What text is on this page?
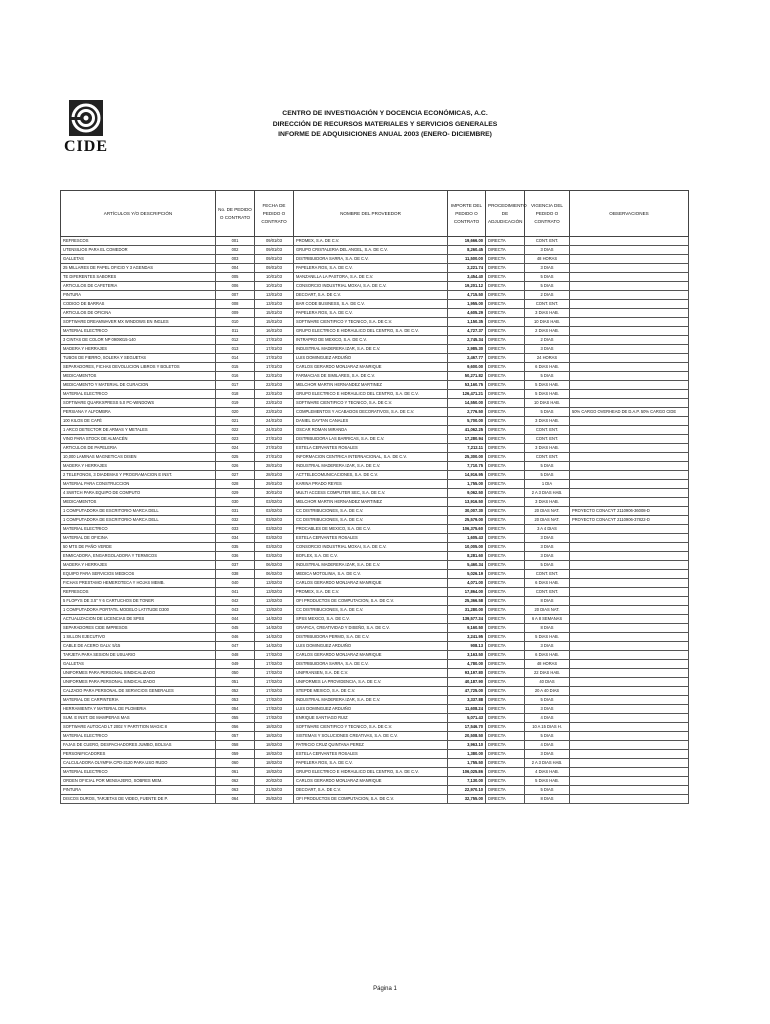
CIDE
CENTRO DE INVESTIGACIÓN Y DOCENCIA ECONÓMICAS, A.C.
DIRECCIÓN DE RECURSOS MATERIALES Y SERVICIOS GENERALES
INFORME DE ADQUISICIONES ANUAL 2003 (ENERO- DICIEMBRE)
ARTÍCULOS Y/O DESCRIPCIÓN	No. DE PEDIDO O CONTRATO	FECHA DE PEDIDO O CONTRATO	NOMBRE DEL PROVEEDOR	IMPORTE DEL PEDIDO O CONTRATO	PROCEDIMIENTO DE ADJUDICACIÓN	VIGENCIA DEL PEDIDO O CONTRATO	OBSERVACIONES
REFRESCOS	001	09/01/03	PROMEX, S.A. DE C.V.	19,666.00	DIRECTA	CONT. ENT.	
UTENSILIOS PARA EL COMEDOR	002	09/01/03	GRUPO CRISTALERIA DEL ANGEL, S.A. DE C.V.	8,260.45	DIRECTA	3 DIAS	
GALLETAS	003	09/01/03	DISTRIBUIDORA SARRA, S.A. DE C.V.	11,500.00	DIRECTA	48 HORAS	
25 MILLARES DE PAPEL OFICIO Y 3 AGENDAS	004	09/01/03	PAPELERA ROS, S.A. DE C.V.	2,221.74	DIRECTA	3 DIAS	
TE DIFERENTES SABORES	005	10/01/03	MANZANILLA LA PASTORA, S.A. DE C.V.	3,454.40	DIRECTA	5 DIAS	
ARTICULOS DE CAFETERIA	006	10/01/03	CONSORCIO INDUSTRIAL MOXAI, S.A. DE C.V.	19,201.12	DIRECTA	5 DIAS	
PINTURA	007	13/01/03	DECOART, S.A. DE C.V.	4,715.50	DIRECTA	2 DIAS	
CODIGO DE BARRAS	008	13/01/03	BAR CODE BUSINESS, S.A. DE C.V.	1,955.00	DIRECTA	CONT. ENT.	
ARTICULOS DE OFICINA	009	15/01/03	PAPELERA ROS, S.A. DE C.V.	4,605.29	DIRECTA	3 DIAS HAB.	
SOFTWARE DREAMWAVER MX WINDOWS EN INGLES	010	15/01/03	SOFTWARE CIENTIFICO Y TECNICO, S.A. DE C.V.	1,150.35	DIRECTA	10 DIAS HAB.	
MATERIAL ELECTRICO	011	16/01/03	GRUPO ELECTRICO E HIDRAULICO DEL CENTRO, S.A. DE C.V.	4,727.37	DIRECTA	2 DIAS HAB.	
3 CINTAS DE COLOR NP 0909015-140	012	17/01/03	INTRAPRO DE MEXICO, S.A. DE C.V.	2,745.34	DIRECTA	2 DIAS	
MADERA Y HERRAJES	013	17/01/03	INDUSTRIAL MADERERA IZAR, S.A. DE C.V.	2,985.30	DIRECTA	3 DIAS	
TUBOS DE FIERRO, SOLERA Y SEGUETAS	014	17/01/03	LUIS DOMINGUEZ ARDUIÑO	2,467.77	DIRECTA	24 HORAS	
SEPARADORES, FICHAS DEVOLUCION LIBROS Y BOLETOS	015	17/01/03	CARLOS GERARDO MONJARAZ MANRIQUE	9,600.00	DIRECTA	6 DIAS HAB.	
MEDICAMENTOS	016	22/01/03	FARMACIAS DE SIMILARES, S.A. DE C.V.	50,271.82	DIRECTA	5 DIAS	
MEDICAMENTO Y MATERIAL DE CURACION	017	22/01/03	MELCHOR MARTIN HERNANDEZ MARTINEZ	53,160.75	DIRECTA	5 DIAS HAB.	
MATERIAL ELECTRICO	018	22/01/03	GRUPO ELECTRICO E HIDRAULICO DEL CENTRO, S.A. DE C.V.	126,471.21	DIRECTA	5 DIAS HAB.	
SOFTWARE QUARKXPRESS 5.0 PC-WINDOWS	019	23/01/03	SOFTWARE CIENTIFICO Y TECNICO, S.A. DE C.V.	14,550.00	DIRECTA	10 DIAS HAB.	
PERSIANA Y ALFOMBRA	020	23/01/03	COMPLEMENTOS Y ACABADOS DECORATIVOS, S.A. DE C.V.	2,776.50	DIRECTA	5 DIAS	50% CARGO OVERHEAD DE D.A.P. 50% CARGO CIDE
100 KILOS DE CAFÉ	021	24/01/03	DANIEL GAYTAN CANALES	5,700.00	DIRECTA	3 DIAS HAB.	
1 ARCO DETECTOR DE ARMAS Y METALES	022	24/01/03	OSCAR ROMAN MIRANDA	41,062.25	DIRECTA	CONT. ENT.	
VINO PARA STOCK DE ALMACÉN	023	27/01/03	DISTRIBUIDORA LAS BARRICAS, S.A. DE C.V.	17,280.94	DIRECTA	CONT. ENT.	
ARTICULOS DE PAPELERIA	024	27/01/03	ESTELA CERVANTES ROSALES	7,212.11	DIRECTA	3 DIAS HAB.	
10,000 LAMINAS MAGNETICAS DISEN	025	27/01/03	INFORMACION CENTRICA INTERNACIONAL, S.A. DE C.V.	25,300.00	DIRECTA	CONT. ENT.	
MADERA Y HERRAJES	026	28/01/03	INDUSTRIAL MADERERA IZAR, S.A. DE C.V.	7,710.75	DIRECTA	5 DIAS	
2 TELEFONOS, 3 DIADEMAS Y PROGRAMACION E INST.	027	28/01/03	ACTTELECOMUNICACIONES, S.A. DE C.V.	14,916.95	DIRECTA	5 DIAS	
MATERIAL PARA CONSTRUCCION	028	29/01/03	KARINA PRADO REYES	1,755.00	DIRECTA	1 DIA	
4 SWITCH PARA EQUIPO DE COMPUTO	029	30/01/03	MULTI ACCESS COMPUTER SEC, S.A. DE C.V.	9,062.50	DIRECTA	2 A 3 DIAS HAB.	
MEDICAMENTOS	030	03/02/03	MELCHOR MARTIN HERNANDEZ MARTINEZ	13,916.50	DIRECTA	3 DIAS HAB.	
1 COMPUTADORA DE ESCRITORIO MARCA DELL	031	03/02/03	CC DISTRIBUCIONES, S.A. DE C.V.	30,007.30	DIRECTA	20 DIAS NAT.	PROYECTO CONACYT 2110906-36008-D
1 COMPUTADORA DE ESCRITORIO MARCA DELL	032	03/02/03	CC DISTRIBUCIONES, S.A. DE C.V.	25,579.00	DIRECTA	20 DIAS NAT.	PROYECTO CONACYT 2110906-37822-D
MATERIAL ELECTRICO	033	03/02/03	PROCABLES DE MEXICO, S.A. DE C.V.	106,375.60	DIRECTA	3 A 4 DIAS	
MATERIAL DE OFICINA	034	03/02/03	ESTELA CERVANTES ROSALES	1,605.43	DIRECTA	3 DIAS	
50 MTS DE PAÑO VERDE	035	03/02/03	CONSORCIO INDUSTRIAL MOXAI, S.A. DE C.V.	10,005.00	DIRECTA	3 DIAS	
ENMICADORA, ENGARGOLADORA Y TERMICOS	036	03/02/03	BOFLEX, S.A. DE C.V.	8,281.60	DIRECTA	3 DIAS	
MADERA Y HERRAJES	037	06/02/03	INDUSTRIAL MADERERA IZAR, S.A. DE C.V.	5,460.34	DIRECTA	5 DIAS	
EQUIPO PARA SERVICIOS MEDICOS	038	06/02/03	MEDICA MOTOLINIA, S.A. DE C.V.	5,026.19	DIRECTA	CONT. ENT.	
FICHAS PRESTAMO HEMEROTECA Y HOJAS MEMB.	040	13/02/03	CARLOS GERARDO MONJARAZ MANRIQUE	4,071.00	DIRECTA	6 DIAS HAB.	
REFRESCOS	041	13/02/03	PROMEX, S.A. DE C.V.	17,864.00	DIRECTA	CONT. ENT.	
5 FLOPYS DE 3.5" Y 6 CARTUCHOS DE TONER	042	13/02/03	OFI PRODUCTOS DE COMPUTACION, S.A. DE C.V.	25,366.58	DIRECTA	8 DIAS	
1 COMPUTADORA PORTATIL MODELO LATITUDE D300	043	13/02/03	CC DISTRIBUCIONES, S.A. DE C.V.	31,280.00	DIRECTA	20 DIAS NAT.	
ACTUALIZACION DE LICENCIAS DE SPSS	044	14/02/03	SPSS MEXICO, S.A. DE C.V.	139,577.34	DIRECTA	6 A 8 SEMANAS	
SEPARADORES CIDE IMPRESOS	045	14/02/03	GRAFICA, CREATIVIDAD Y DISEÑO, S.A. DE C.V.	9,160.50	DIRECTA	8 DIAS	
1 SILLON EJECUTIVO	046	14/02/03	DISTRIBUIDORA PERMO, S.A. DE C.V.	3,241.95	DIRECTA	5 DIAS HAB.	
CABLE DE ACERO GALV. 5/15	047	14/02/03	LUIS DOMINGUEZ ARDUIÑO	908.13	DIRECTA	3 DIAS	
TARJETA PARA SESION DE USUARIO	048	17/02/03	CARLOS GERARDO MONJARAZ MANRIQUE	3,163.50	DIRECTA	6 DIAS HAB.	
GALLETAS	049	17/02/03	DISTRIBUIDORA SARRA, S.A. DE C.V.	4,780.00	DIRECTA	48 HORAS	
UNIFORMES PARA PERSONAL SINDICALIZADO	050	17/02/03	UNIFRANSEN, S.A. DE C.V.	93,197.80	DIRECTA	22 DIAS HAB.	
UNIFORMES PARA PERSONAL SINDICALIZADO	051	17/02/03	UNIFORMES LA PROVIDENCIA, S.A. DE C.V.	40,187.90	DIRECTA	40 DIAS	
CALZADO PARA PERSONAL DE SERVICIOS GENERALES	052	17/02/03	STEPDE MEXICO, S.A. DE C.V.	47,725.00	DIRECTA	20 A 40 DIAS	
MATERIAL DE CARPINTERIA	053	17/02/03	INDUSTRIAL MADERERA IZAR, S.A. DE C.V.	3,337.88	DIRECTA	5 DIAS	
HERRAMIENTA Y MATERIAL DE PLOMERIA	054	17/02/03	LUIS DOMINGUEZ ARDUIÑO	11,608.24	DIRECTA	3 DIAS	
SUM. E INST. DE MAMPERAS MAS	055	17/02/03	ENRIQUE SANTIAGO RUIZ	5,071.43	DIRECTA	4 DIAS	
SOFTWARE AUTOCAD LT 2002 Y PARTITION MAGIC 8	056	18/02/03	SOFTWARE CIENTIFICO Y TECNICO, S.A. DE C.V.	17,546.70	DIRECTA	10 A 15 DIAS H.	
MATERIAL ELECTRICO	057	18/02/03	SISTEMAS Y SOLUCIONES CREATIVAS, S.A. DE C.V.	20,508.50	DIRECTA	5 DIAS	
FAJAS DE CUERO, DESPACHADORES JUMBO, BOLSAS	058	18/02/03	PATRICIO CRUZ QUINTANA PEREZ	3,963.10	DIRECTA	4 DIAS	
PERSONIFICADORES	059	18/02/03	ESTELA CERVANTES ROSALES	1,380.00	DIRECTA	3 DIAS	
CALCULADORA OLYMPIA CPD-3120 PARA USO RUDO	060	18/02/03	PAPELERA ROS, S.A. DE C.V.	1,755.50	DIRECTA	2 A 3 DIAS HAB.	
MATERIAL ELECTRICO	061	18/02/03	GRUPO ELECTRICO E HIDRAULICO DEL CENTRO, S.A. DE C.V.	106,025.86	DIRECTA	4 DIAS HAB.	
ORDEN OFICIAL POR MENSAJERO, SOBRES MEM.	062	20/02/03	CARLOS GERARDO MONJARAZ MANRIQUE	7,130.00	DIRECTA	5 DIAS HAB.	
PINTURA	063	21/02/03	DECOART, S.A. DE C.V.	22,970.10	DIRECTA	5 DIAS	
DISCOS DUROS, TARJETAS DE VIDEO, FUENTE DE P.	064	25/02/03	OFI PRODUCTOS DE COMPUTACION, S.A. DE C.V.	32,755.00	DIRECTA	8 DIAS	
Página 1
